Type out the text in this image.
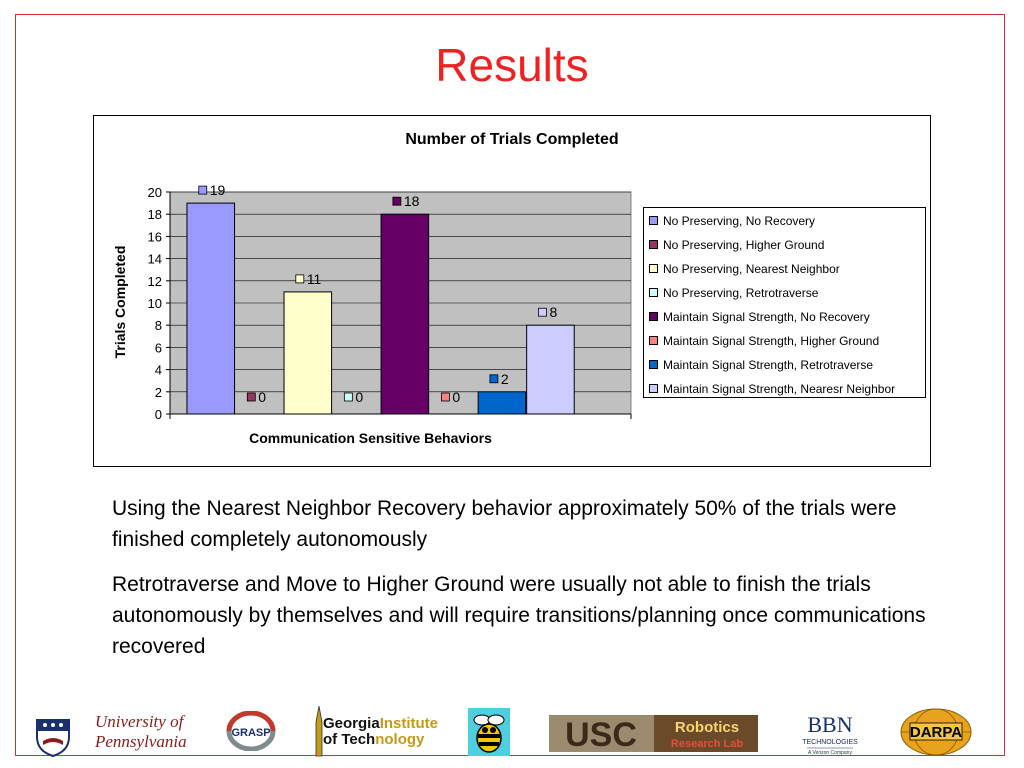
Results
0
2
4
6
8
10
12
14
16
18
20	19
0
11
0
18
0
2
8
Communication Sensitive Behaviors
Trials Completed
Number of Trials Completed
No Preserving, No Recovery
No Preserving, Higher Ground
No Preserving, Nearest Neighbor
No Preserving, Retrotraverse
Maintain Signal Strength, No Recovery
Maintain Signal Strength, Higher Ground
Maintain Signal Strength, Retrotraverse
Maintain Signal Strength, Nearesr Neighbor
Using the Nearest Neighbor Recovery behavior approximately 50% of the trials were finished completely autonomously
Retrotraverse and Move to Higher Ground were usually not able to finish the trials autonomously by themselves and will require transitions/planning once communications recovered
University of
Pennsylvania	GRASP
GeorgiaInstitute
of Technology	USC	Robotics
Research Lab
BBN
TECHNOLOGIES
A Verizon Company
DARPA
